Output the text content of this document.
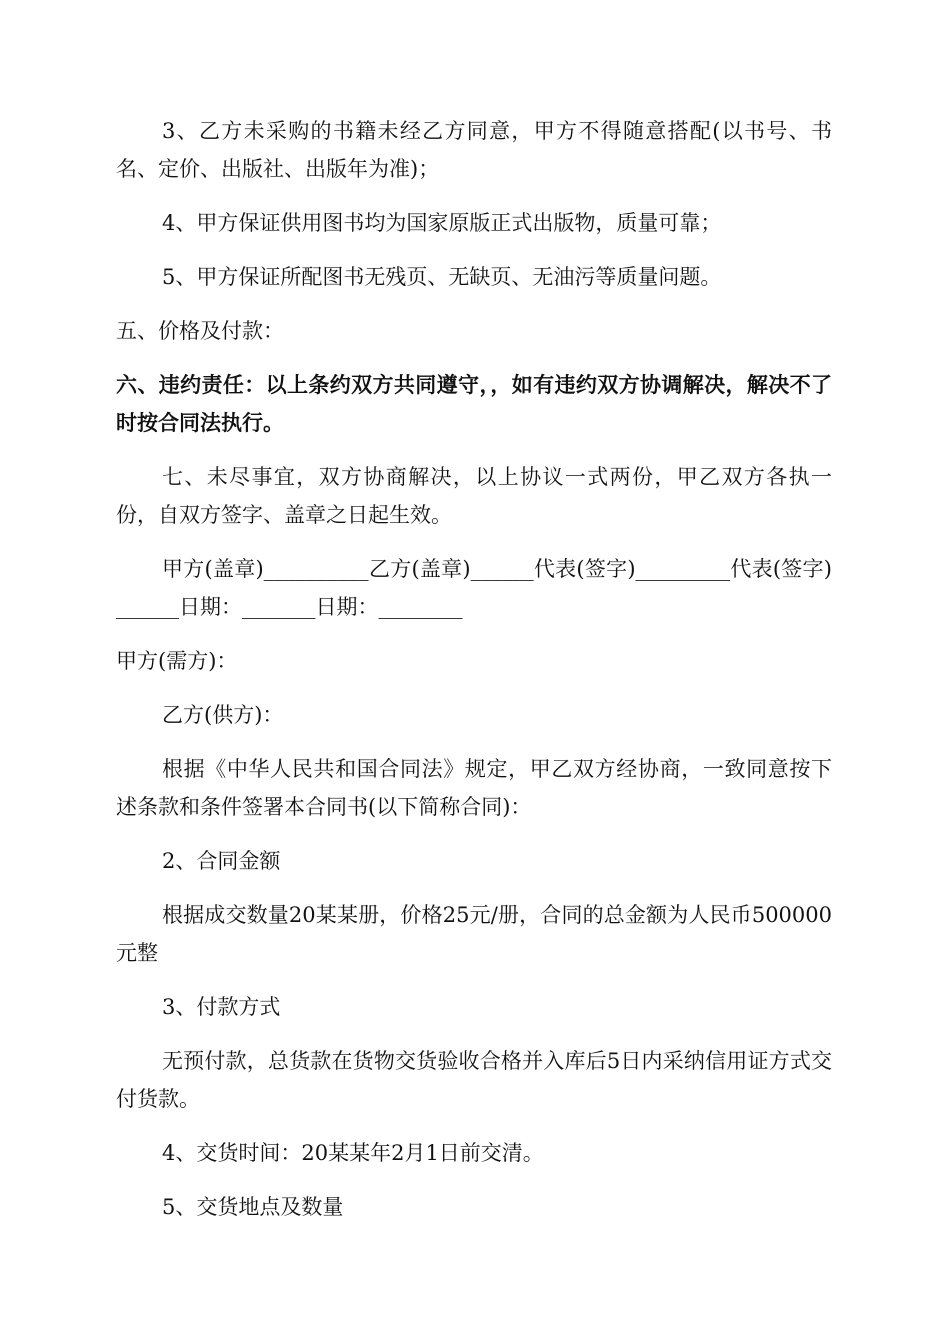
3、乙方未采购的书籍未经乙方同意，甲方不得随意搭配(以书号、书名、定价、出版社、出版年为准)；

4、甲方保证供用图书均为国家原版正式出版物，质量可靠；

5、甲方保证所配图书无残页、无缺页、无油污等质量问题。

五、价格及付款：

六、违约责任：以上条约双方共同遵守，，如有违约双方协调解决，解决不了时按合同法执行。

七、未尽事宜，双方协商解决，以上协议一式两份，甲乙双方各执一份，自双方签字、盖章之日起生效。

甲方(盖章)__________乙方(盖章)______代表(签字)_________代表(签字)______日期：_______日期：________

甲方(需方)：

乙方(供方)：

根据《中华人民共和国合同法》规定，甲乙双方经协商，一致同意按下述条款和条件签署本合同书(以下简称合同)：

2、合同金额

根据成交数量20某某册，价格25元/册，合同的总金额为人民币500000元整

3、付款方式

无预付款，总货款在货物交货验收合格并入库后5日内采纳信用证方式交付货款。

4、交货时间：20某某年2月1日前交清。

5、交货地点及数量
